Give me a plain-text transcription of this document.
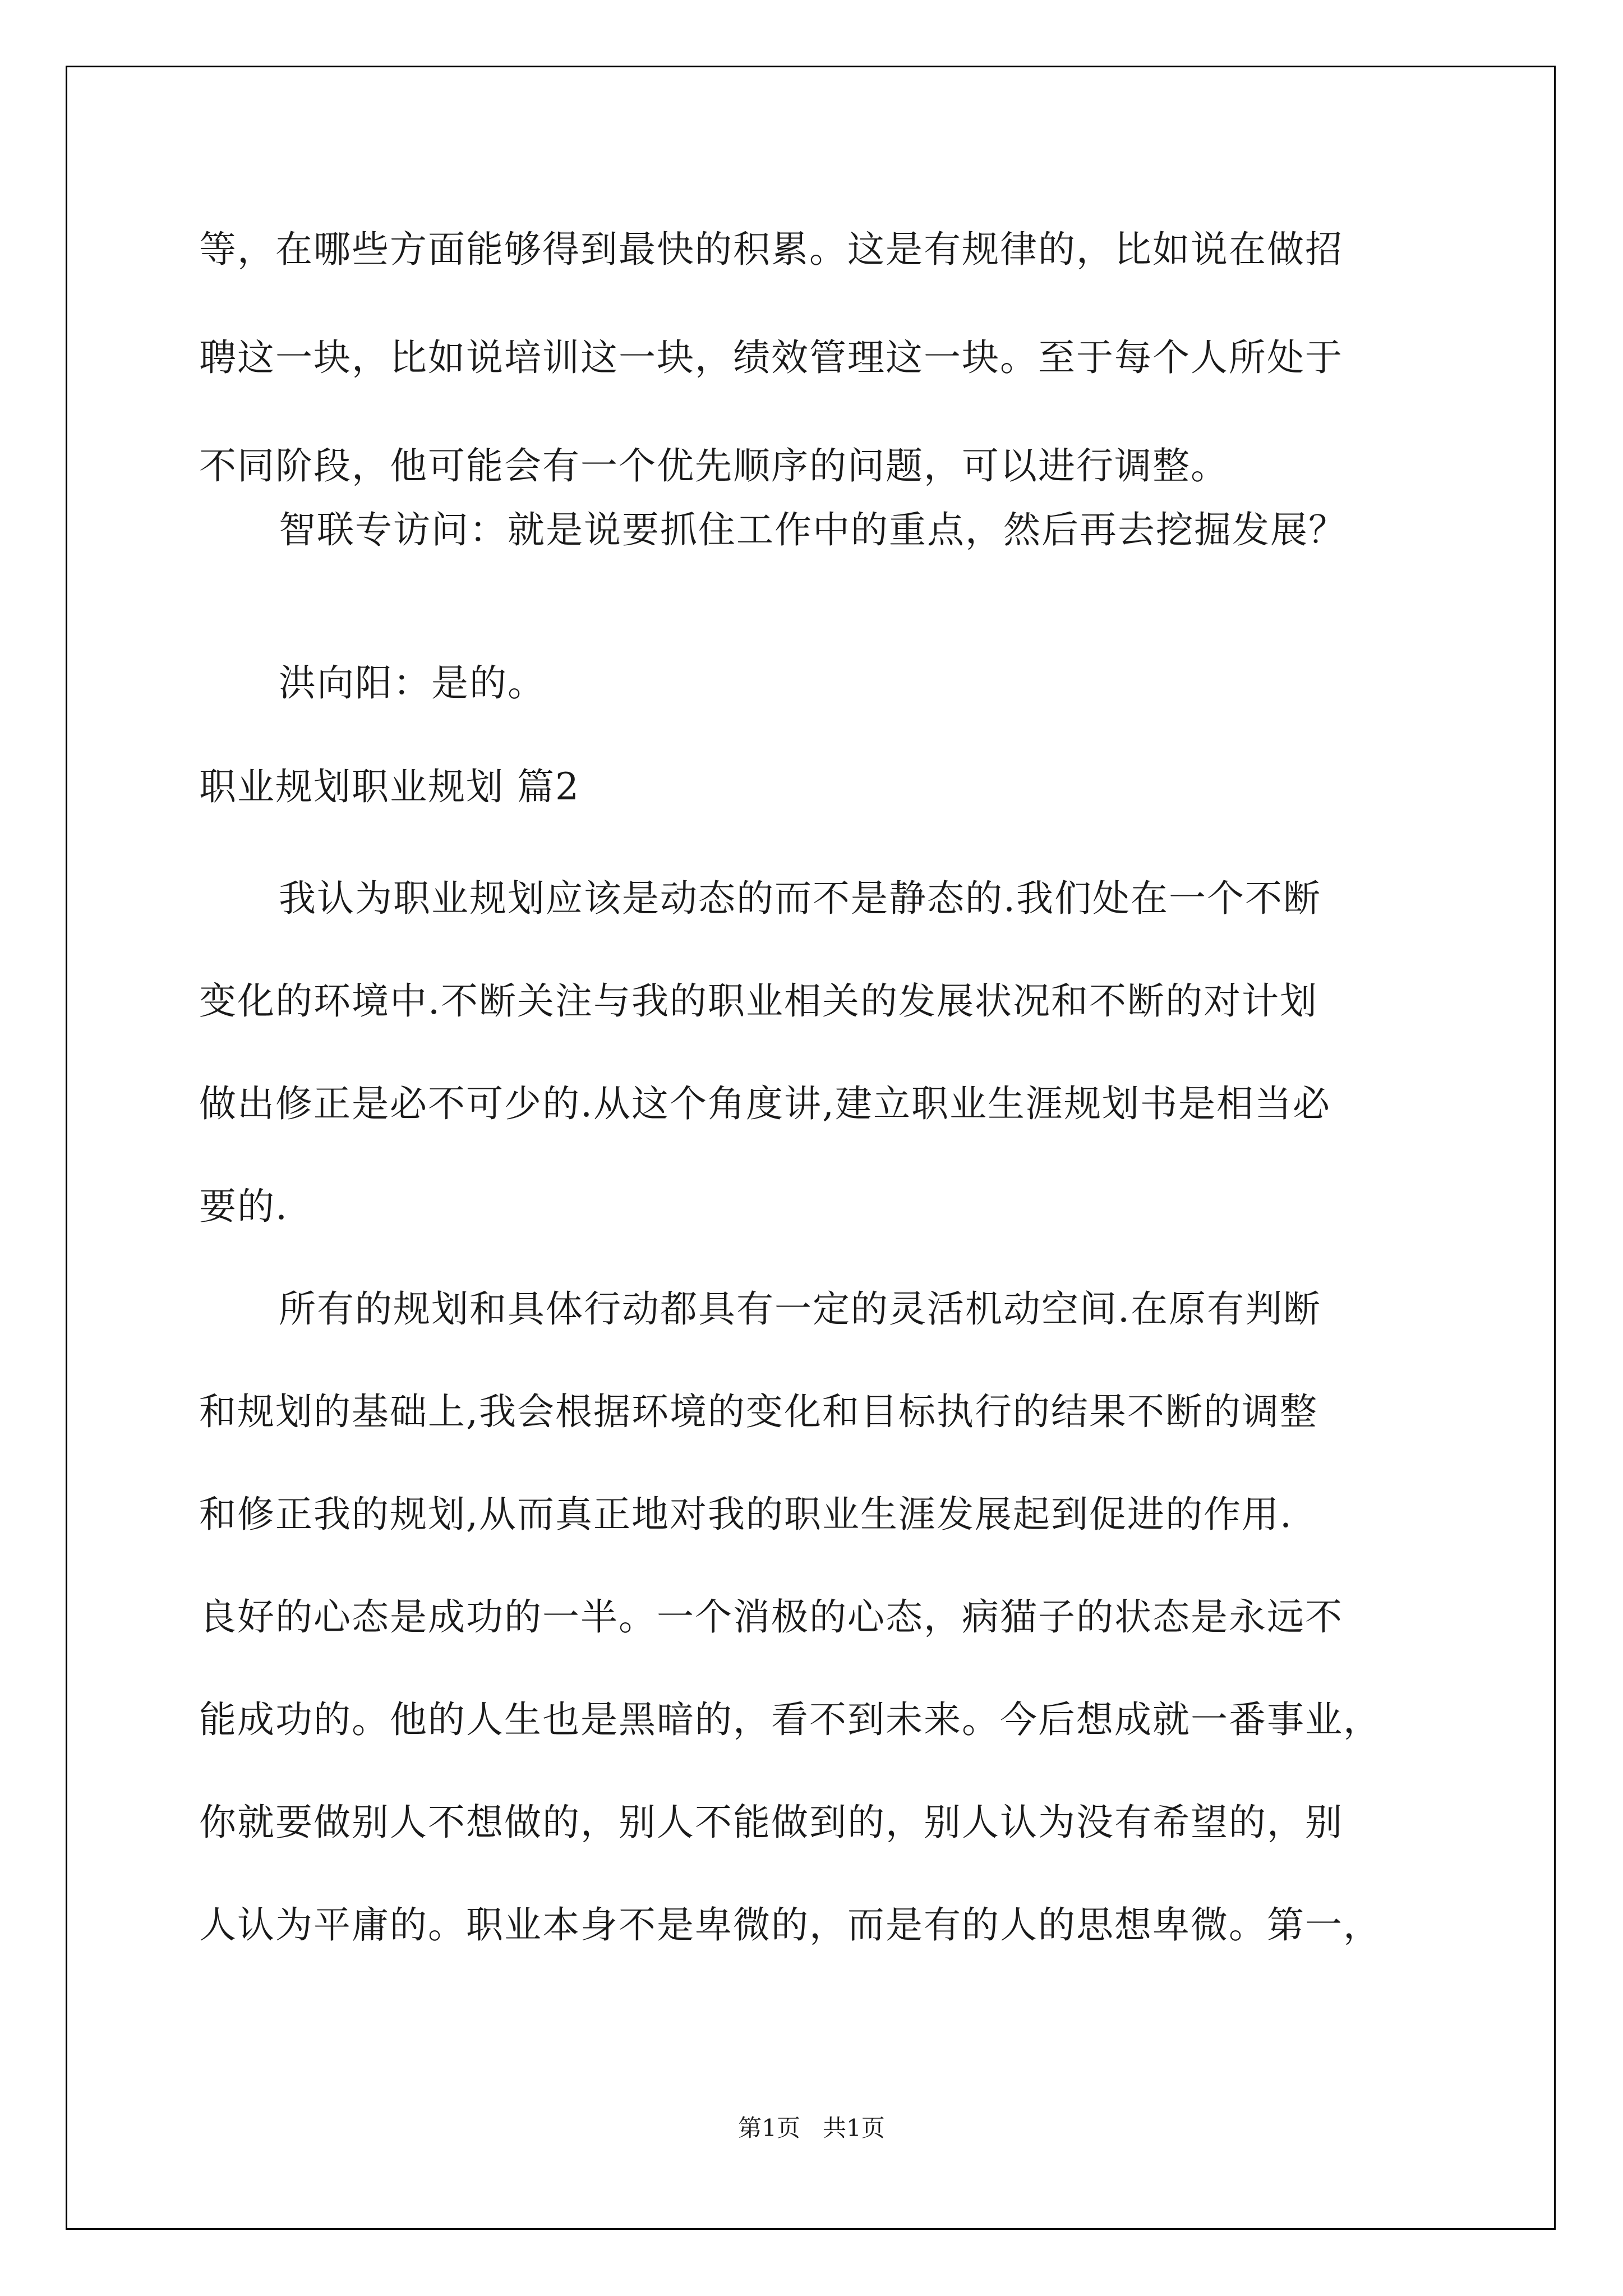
等，在哪些方面能够得到最快的积累。这是有规律的，比如说在做招
聘这一块，比如说培训这一块，绩效管理这一块。至于每个人所处于
不同阶段，他可能会有一个优先顺序的问题，可以进行调整。
智联专访问：就是说要抓住工作中的重点，然后再去挖掘发展？
洪向阳：是的。
职业规划职业规划 篇2
我认为职业规划应该是动态的而不是静态的.我们处在一个不断
变化的环境中.不断关注与我的职业相关的发展状况和不断的对计划
做出修正是必不可少的.从这个角度讲,建立职业生涯规划书是相当必
要的.
所有的规划和具体行动都具有一定的灵活机动空间.在原有判断
和规划的基础上,我会根据环境的变化和目标执行的结果不断的调整
和修正我的规划,从而真正地对我的职业生涯发展起到促进的作用.
良好的心态是成功的一半。一个消极的心态，病猫子的状态是永远不
能成功的。他的人生也是黑暗的，看不到未来。今后想成就一番事业，
你就要做别人不想做的，别人不能做到的，别人认为没有希望的，别
人认为平庸的。职业本身不是卑微的，而是有的人的思想卑微。第一，
第1页   共1页
